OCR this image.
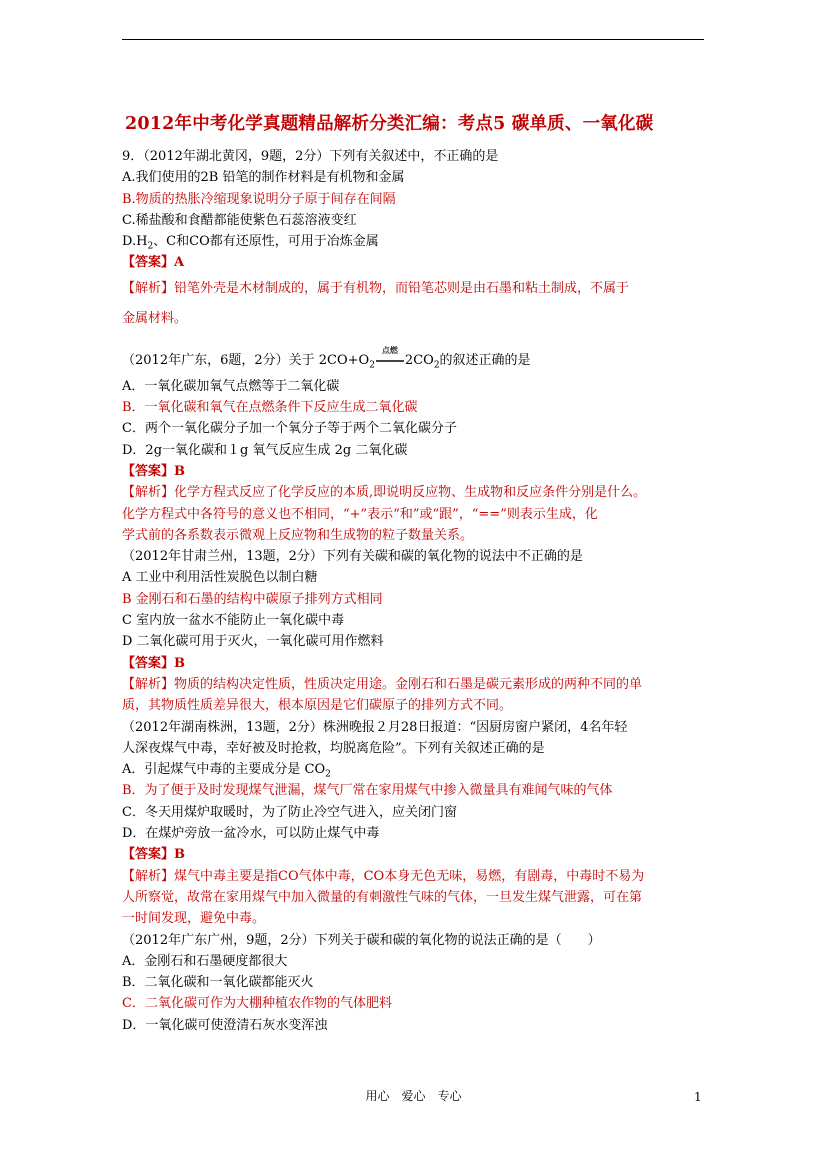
2012年中考化学真题精品解析分类汇编：考点5 碳单质、一氧化碳
9．（2012年湖北黄冈，9题，2分）下列有关叙述中，不正确的是
A.我们使用的2B 铅笔的制作材料是有机物和金属
B.物质的热胀冷缩现象说明分子原于间存在间隔
C.稀盐酸和食醋都能使紫色石蕊溶液变红
$D.H_2$、C和CO都有还原性，可用于冶炼金属
【答案】A
【解析】铅笔外壳是木材制成的，属于有机物，而铅笔芯则是由石墨和粘土制成，不属于
金属材料。
（2012年广东，6题，2分）关于 $2CO+O_2$
点燃
$2CO_2$的叙述正确的是
A．一氧化碳加氧气点燃等于二氧化碳
B．一氧化碳和氧气在点燃条件下反应生成二氧化碳
C．两个一氧化碳分子加一个氧分子等于两个二氧化碳分子
D．2g一氧化碳和１g 氧气反应生成 2g 二氧化碳
【答案】B
【解析】化学方程式反应了化学反应的本质,即说明反应物、生成物和反应条件分别是什么。
化学方程式中各符号的意义也不相同，“+”表示“和”或“跟”，“==”则表示生成，化
学式前的各系数表示微观上反应物和生成物的粒子数量关系。
（2012年甘肃兰州，13题，2分）下列有关碳和碳的氧化物的说法中不正确的是
A 工业中利用活性炭脱色以制白糖
B 金刚石和石墨的结构中碳原子排列方式相同
C 室内放一盆水不能防止一氧化碳中毒
D 二氧化碳可用于灭火，一氧化碳可用作燃料
【答案】B
【解析】物质的结构决定性质，性质决定用途。金刚石和石墨是碳元素形成的两种不同的单
质，其物质性质差异很大，根本原因是它们碳原子的排列方式不同。
（2012年湖南株洲，13题，2分）株洲晚报２月28日报道：“因厨房窗户紧闭，4名年轻
人深夜煤气中毒，幸好被及时抢救，均脱离危险”。下列有关叙述正确的是
A．引起煤气中毒的主要成分是 $CO_2$
B．为了便于及时发现煤气泄漏，煤气厂常在家用煤气中掺入微量具有难闻气味的气体
C．冬天用煤炉取暖时，为了防止冷空气进入，应关闭门窗
D．在煤炉旁放一盆冷水，可以防止煤气中毒
【答案】B
【解析】煤气中毒主要是指CO气体中毒，CO本身无色无味，易燃，有剧毒，中毒时不易为
人所察觉，故常在家用煤气中加入微量的有刺激性气味的气体，一旦发生煤气泄露，可在第
一时间发现，避免中毒。
（2012年广东广州，9题，2分）下列关于碳和碳的氧化物的说法正确的是（　　）
A．金刚石和石墨硬度都很大
B．二氧化碳和一氧化碳都能灭火
C．二氧化碳可作为大棚种植农作物的气体肥料
D．一氧化碳可使澄清石灰水变浑浊
用心　爱心　专心	1
